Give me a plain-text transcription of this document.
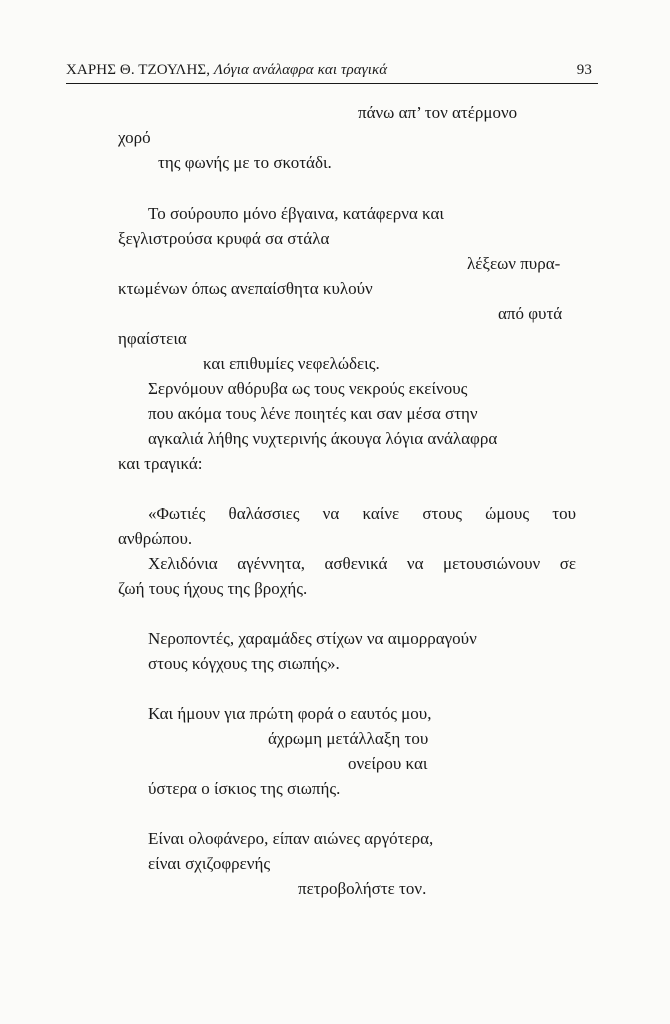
ΧΑΡΗΣ Θ. ΤΖΟΥΛΗΣ, Λόγια ανάλαφρα και τραγικά	93
πάνω απ’ τον ατέρμονο
χορό
της φωνής με το σκοτάδι.
Το σούρουπο μόνο έβγαινα, κατάφερνα και
ξεγλιστρούσα κρυφά σα στάλα
λέξεων πυρα-
κτωμένων όπως ανεπαίσθητα κυλούν
από φυτά
ηφαίστεια
και επιθυμίες νεφελώδεις.
Σερνόμουν αθόρυβα ως τους νεκρούς εκείνους
που ακόμα τους λένε ποιητές και σαν μέσα στην
αγκαλιά λήθης νυχτερινής άκουγα λόγια ανάλαφρα
και τραγικά:
«Φωτιές θαλάσσιες να καίνε στους ώμους του
ανθρώπου.
Χελιδόνια αγέννητα, ασθενικά να μετουσιώνουν σε
ζωή τους ήχους της βροχής.
Νεροποντές, χαραμάδες στίχων να αιμορραγούν
στους κόγχους της σιωπής».
Και ήμουν για πρώτη φορά ο εαυτός μου,
άχρωμη μετάλλαξη του
ονείρου και
ύστερα ο ίσκιος της σιωπής.
Είναι ολοφάνερο, είπαν αιώνες αργότερα,
είναι σχιζοφρενής
πετροβολήστε τον.
